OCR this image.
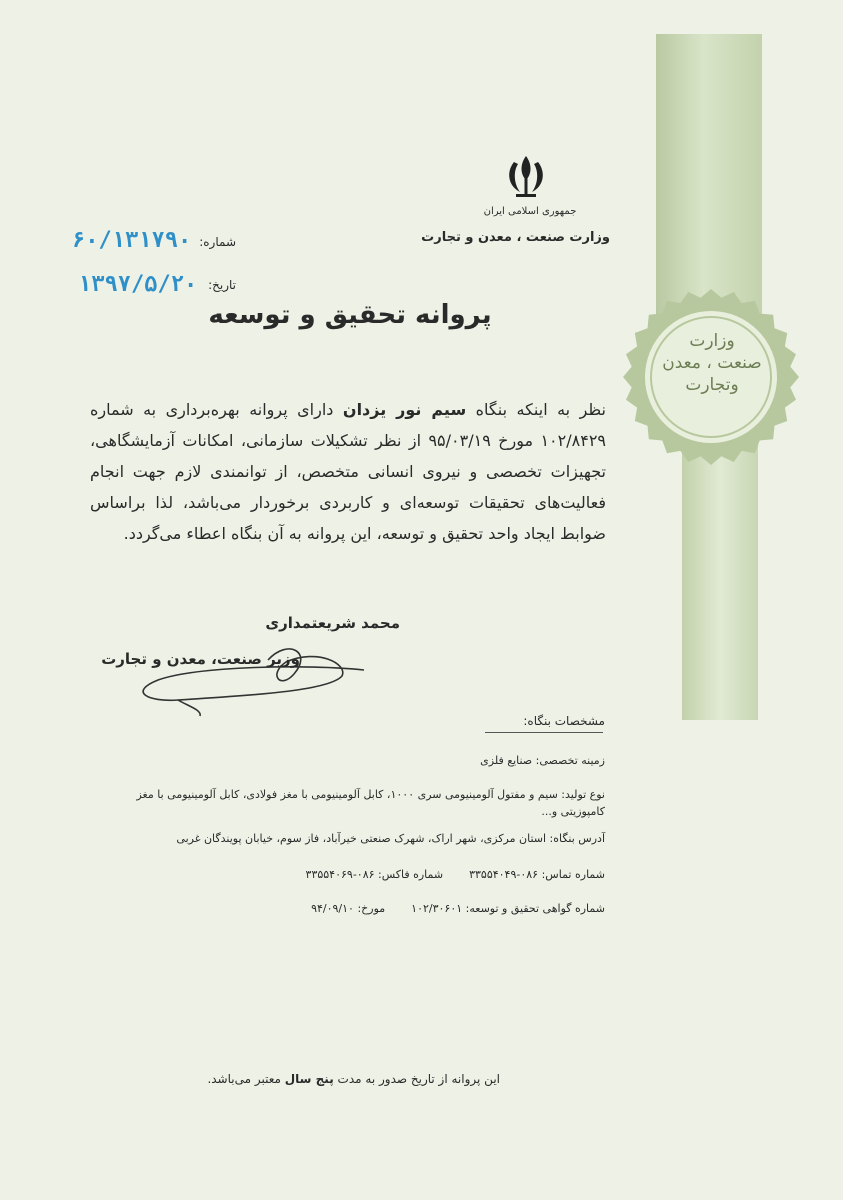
وزارت
صنعت ، معدن
وتجارت
جمهوری اسلامی ایران
وزارت صنعت ، معدن و تجارت
شماره:
۶۰/۱۳۱۷۹۰
تاریخ:
۱۳۹۷/۵/۲۰
پروانه تحقیق و توسعه
نظر به اینکه بنگاه سیم نور یزدان دارای پروانه بهره‌برداری به شماره ۱۰۲/۸۴۲۹ مورخ ۹۵/۰۳/۱۹ از نظر تشکیلات سازمانی، امکانات آزمایشگاهی، تجهیزات تخصصی و نیروی انسانی متخصص، از توانمندی لازم جهت انجام فعالیت‌های تحقیقات توسعه‌ای و کاربردی برخوردار می‌باشد، لذا براساس ضوابط ایجاد واحد تحقیق و توسعه، این پروانه به آن بنگاه اعطاء می‌گردد.
محمد شریعتمداری
وزیر صنعت، معدن و تجارت
مشخصات بنگاه:
زمینه تخصصی: صنایع فلزی
نوع تولید: سیم و مفتول آلومینیومی سری ۱۰۰۰، کابل آلومینیومی با مغز فولادی، کابل آلومینیومی با مغز کامپوزیتی و...
آدرس بنگاه: استان مرکزی، شهر اراک، شهرک صنعتی خیرآباد، فاز سوم، خیابان پویندگان غربی
شماره تماس: ۰۸۶-۳۳۵۵۴۰۴۹شماره فاکس: ۰۸۶-۳۳۵۵۴۰۶۹
شماره گواهی تحقیق و توسعه: ۱۰۲/۳۰۶۰۱مورخ: ۹۴/۰۹/۱۰
این پروانه از تاریخ صدور به مدت پنج سال معتبر می‌باشد.
